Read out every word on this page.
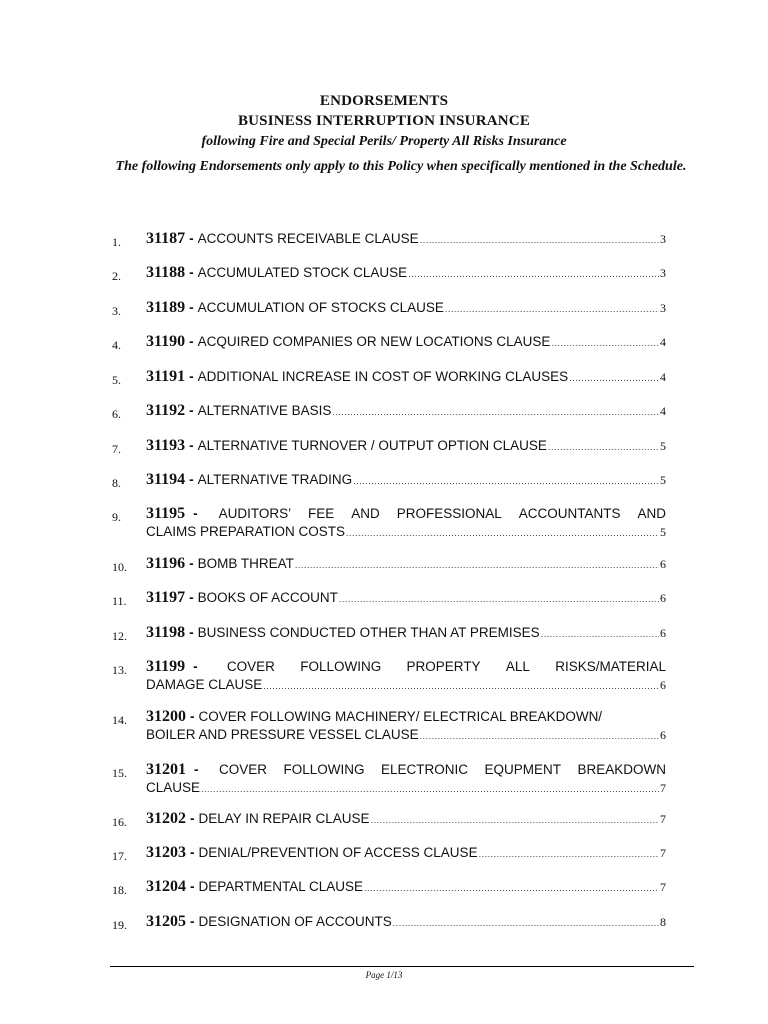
ENDORSEMENTS
BUSINESS INTERRUPTION INSURANCE
following Fire and Special Perils/ Property All Risks Insurance
The following Endorsements only apply to this Policy when specifically mentioned in the Schedule.
1.	31187 - ACCOUNTS RECEIVABLE CLAUSE .....	3
2.	31188 - ACCUMULATED STOCK CLAUSE .....	3
3.	31189 - ACCUMULATION OF STOCKS CLAUSE .....	3
4.	31190 - ACQUIRED COMPANIES OR NEW LOCATIONS CLAUSE .....	4
5.	31191 - ADDITIONAL INCREASE IN COST OF WORKING CLAUSES .....	4
6.	31192 - ALTERNATIVE BASIS .....	4
7.	31193 - ALTERNATIVE TURNOVER / OUTPUT OPTION CLAUSE .....	5
8.	31194 - ALTERNATIVE TRADING .....	5
9.	31195 - AUDITORS’ FEE AND PROFESSIONAL ACCOUNTANTS AND
CLAIMS PREPARATION COSTS .....	5
10.	31196 - BOMB THREAT .....	6
11.	31197 - BOOKS OF ACCOUNT .....	6
12.	31198 - BUSINESS CONDUCTED OTHER THAN AT PREMISES .....	6
13.	31199 - COVER FOLLOWING PROPERTY ALL RISKS/MATERIAL
DAMAGE CLAUSE .....	6
14.	31200 - COVER FOLLOWING MACHINERY/ ELECTRICAL BREAKDOWN/
BOILER AND PRESSURE VESSEL CLAUSE .....	6
15.	31201 - COVER FOLLOWING ELECTRONIC EQUPMENT BREAKDOWN
CLAUSE .....	7
16.	31202 - DELAY IN REPAIR CLAUSE .....	7
17.	31203 - DENIAL/PREVENTION OF ACCESS CLAUSE .....	7
18.	31204 - DEPARTMENTAL CLAUSE .....	7
19.	31205 - DESIGNATION OF ACCOUNTS .....	8
Page 1/13
